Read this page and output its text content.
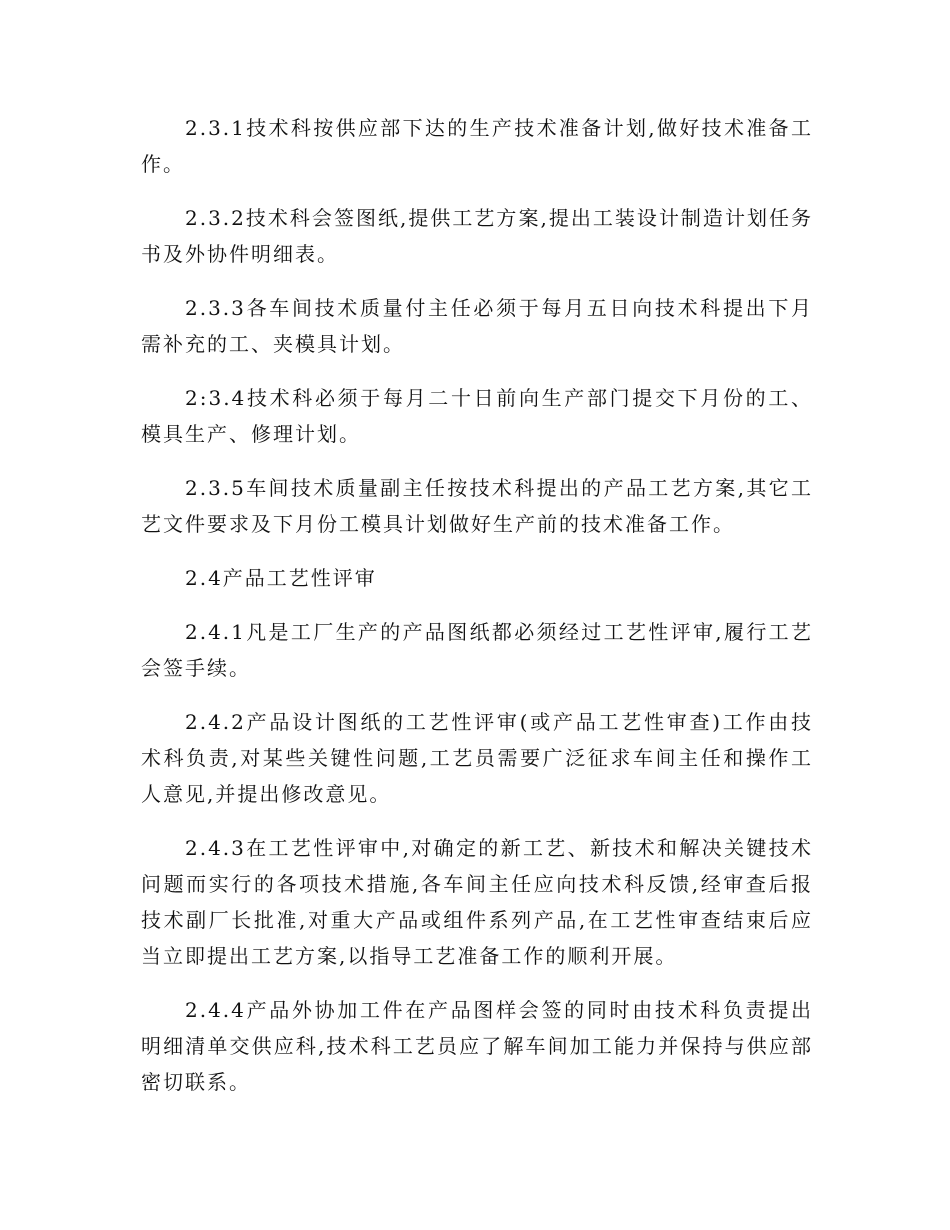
2.3.1技术科按供应部下达的生产技术准备计划,做好技术准备工作。

2.3.2技术科会签图纸,提供工艺方案,提出工装设计制造计划任务书及外协件明细表。

2.3.3各车间技术质量付主任必须于每月五日向技术科提出下月需补充的工、夹模具计划。

2:3.4技术科必须于每月二十日前向生产部门提交下月份的工、模具生产、修理计划。

2.3.5车间技术质量副主任按技术科提出的产品工艺方案,其它工艺文件要求及下月份工模具计划做好生产前的技术准备工作。

2.4产品工艺性评审

2.4.1凡是工厂生产的产品图纸都必须经过工艺性评审,履行工艺会签手续。

2.4.2产品设计图纸的工艺性评审(或产品工艺性审查)工作由技术科负责,对某些关键性问题,工艺员需要广泛征求车间主任和操作工人意见,并提出修改意见。

2.4.3在工艺性评审中,对确定的新工艺、新技术和解决关键技术问题而实行的各项技术措施,各车间主任应向技术科反馈,经审查后报技术副厂长批准,对重大产品或组件系列产品,在工艺性审查结束后应当立即提出工艺方案,以指导工艺准备工作的顺利开展。

2.4.4产品外协加工件在产品图样会签的同时由技术科负责提出明细清单交供应科,技术科工艺员应了解车间加工能力并保持与供应部密切联系。
